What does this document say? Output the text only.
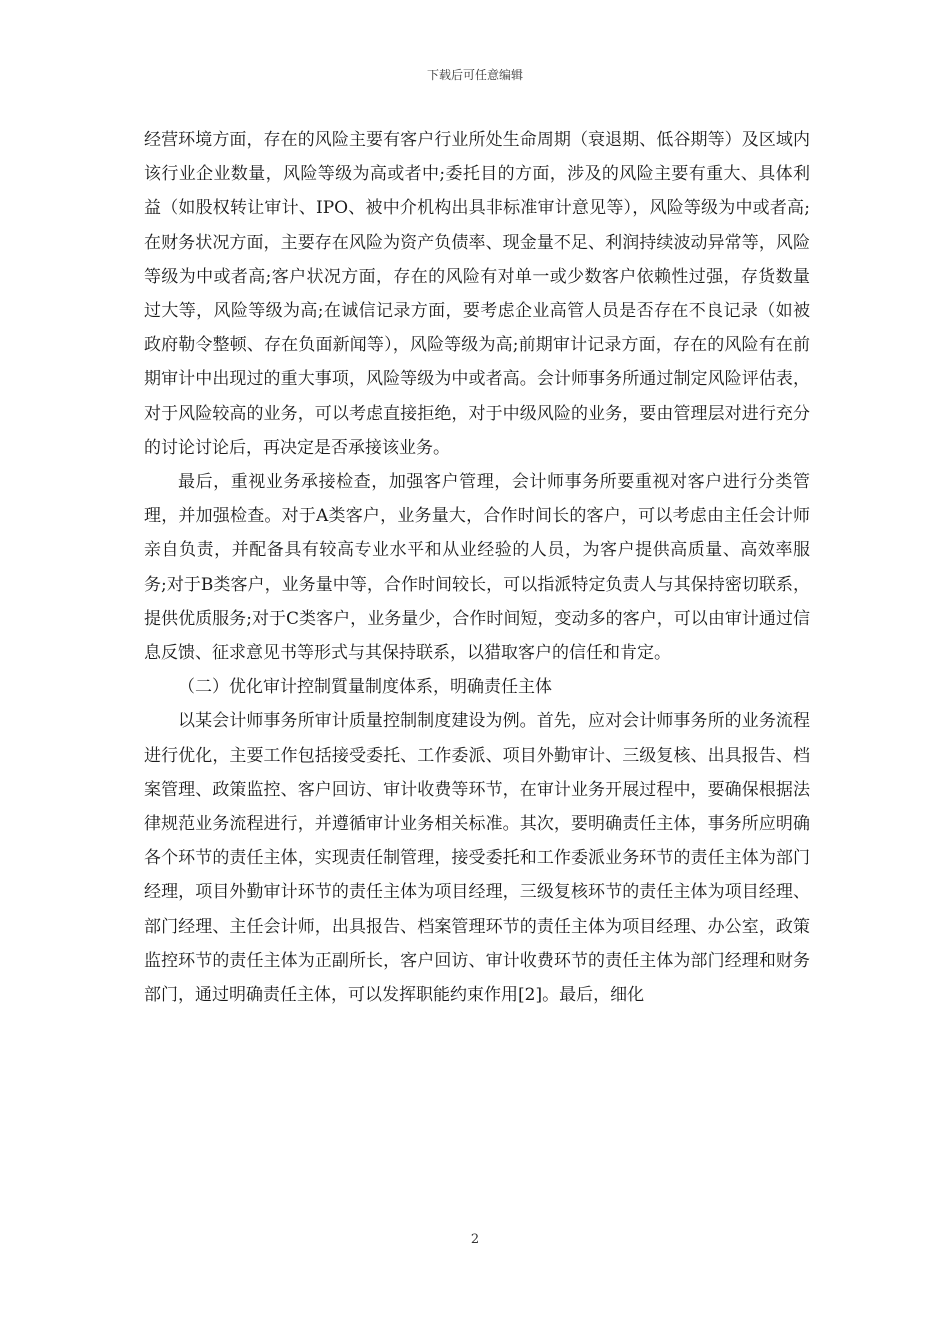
下载后可任意编辑

经营环境方面，存在的风险主要有客户行业所处生命周期（衰退期、低谷期等）及区域内该行业企业数量，风险等级为高或者中;委托目的方面，涉及的风险主要有重大、具体利益（如股权转让审计、IPO、被中介机构出具非标准审计意见等），风险等级为中或者高;在财务状况方面，主要存在风险为资产负债率、现金量不足、利润持续波动异常等，风险等级为中或者高;客户状况方面，存在的风险有对单一或少数客户依赖性过强，存货数量过大等，风险等级为高;在诚信记录方面，要考虑企业高管人员是否存在不良记录（如被政府勒令整顿、存在负面新闻等），风险等级为高;前期审计记录方面，存在的风险有在前期审计中出现过的重大事项，风险等级为中或者高。会计师事务所通过制定风险评估表，对于风险较高的业务，可以考虑直接拒绝，对于中级风险的业务，要由管理层对进行充分的讨论讨论后，再决定是否承接该业务。

最后，重视业务承接检查，加强客户管理，会计师事务所要重视对客户进行分类管理，并加强检查。对于A类客户，业务量大，合作时间长的客户，可以考虑由主任会计师亲自负责，并配备具有较高专业水平和从业经验的人员，为客户提供高质量、高效率服务;对于B类客户，业务量中等，合作时间较长，可以指派特定负责人与其保持密切联系，提供优质服务;对于C类客户，业务量少，合作时间短，变动多的客户，可以由审计通过信息反馈、征求意见书等形式与其保持联系，以猎取客户的信任和肯定。

（二）优化审计控制質量制度体系，明确责任主体

以某会计师事务所审计质量控制制度建设为例。首先，应对会计师事务所的业务流程进行优化，主要工作包括接受委托、工作委派、项目外勤审计、三级复核、出具报告、档案管理、政策监控、客户回访、审计收费等环节，在审计业务开展过程中，要确保根据法律规范业务流程进行，并遵循审计业务相关标准。其次，要明确责任主体，事务所应明确各个环节的责任主体，实现责任制管理，接受委托和工作委派业务环节的责任主体为部门经理，项目外勤审计环节的责任主体为项目经理，三级复核环节的责任主体为项目经理、部门经理、主任会计师，出具报告、档案管理环节的责任主体为项目经理、办公室，政策监控环节的责任主体为正副所长，客户回访、审计收费环节的责任主体为部门经理和财务部门，通过明确责任主体，可以发挥职能约束作用[2]。最后，细化

2
